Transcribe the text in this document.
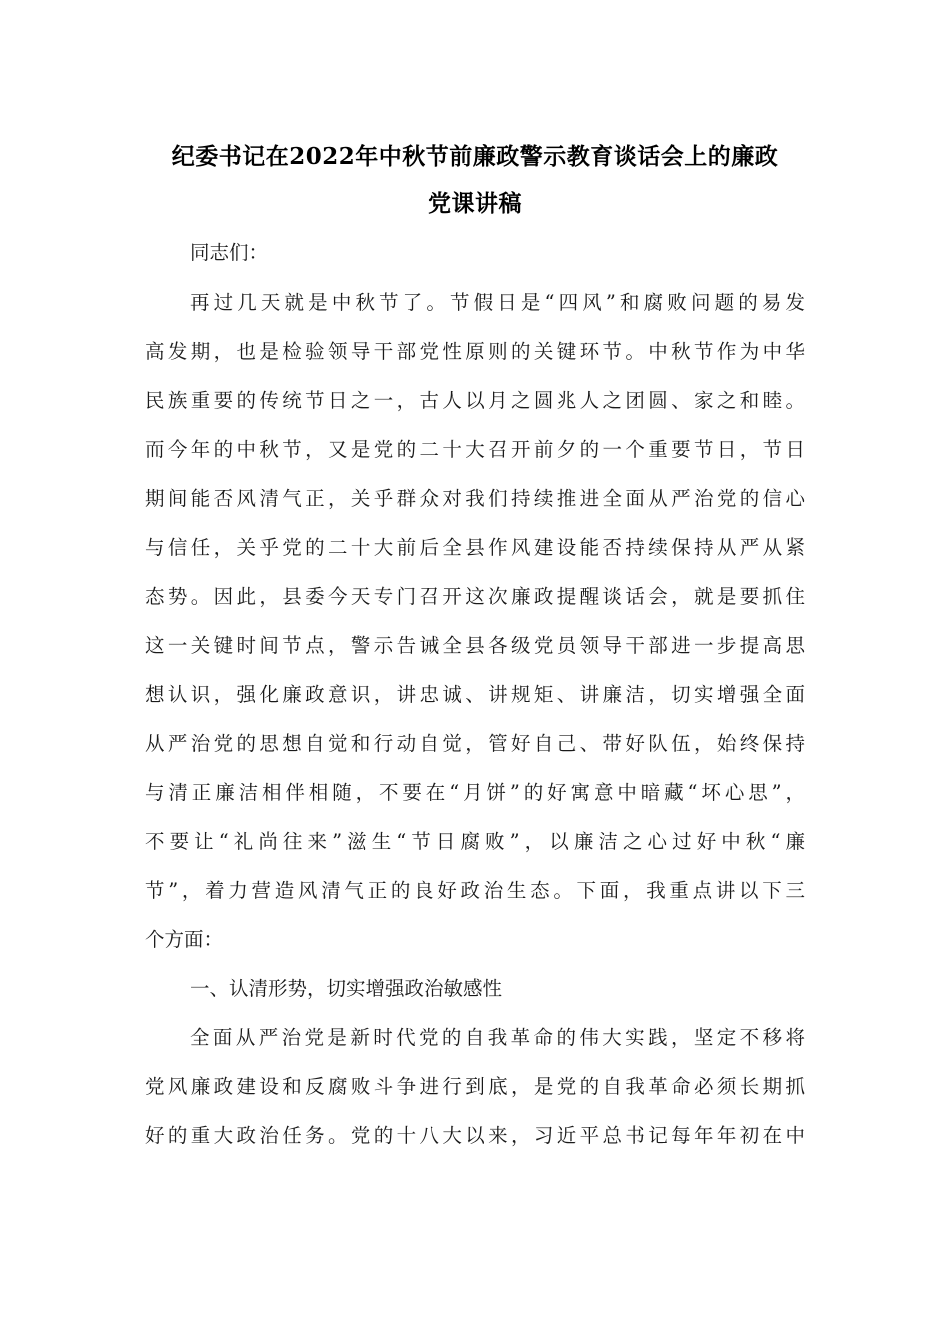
纪委书记在2022年中秋节前廉政警示教育谈话会上的廉政
党课讲稿
同志们：
再过几天就是中秋节了。节假日是“四风”和腐败问题的易发
高发期，也是检验领导干部党性原则的关键环节。中秋节作为中华
民族重要的传统节日之一，古人以月之圆兆人之团圆、家之和睦。
而今年的中秋节，又是党的二十大召开前夕的一个重要节日，节日
期间能否风清气正，关乎群众对我们持续推进全面从严治党的信心
与信任，关乎党的二十大前后全县作风建设能否持续保持从严从紧
态势。因此，县委今天专门召开这次廉政提醒谈话会，就是要抓住
这一关键时间节点，警示告诫全县各级党员领导干部进一步提高思
想认识，强化廉政意识，讲忠诚、讲规矩、讲廉洁，切实增强全面
从严治党的思想自觉和行动自觉，管好自己、带好队伍，始终保持
与清正廉洁相伴相随，不要在“月饼”的好寓意中暗藏“坏心思”，
不要让“礼尚往来”滋生“节日腐败”，以廉洁之心过好中秋“廉
节”，着力营造风清气正的良好政治生态。下面，我重点讲以下三
个方面：
一、认清形势，切实增强政治敏感性
全面从严治党是新时代党的自我革命的伟大实践，坚定不移将
党风廉政建设和反腐败斗争进行到底，是党的自我革命必须长期抓
好的重大政治任务。党的十八大以来，习近平总书记每年年初在中
